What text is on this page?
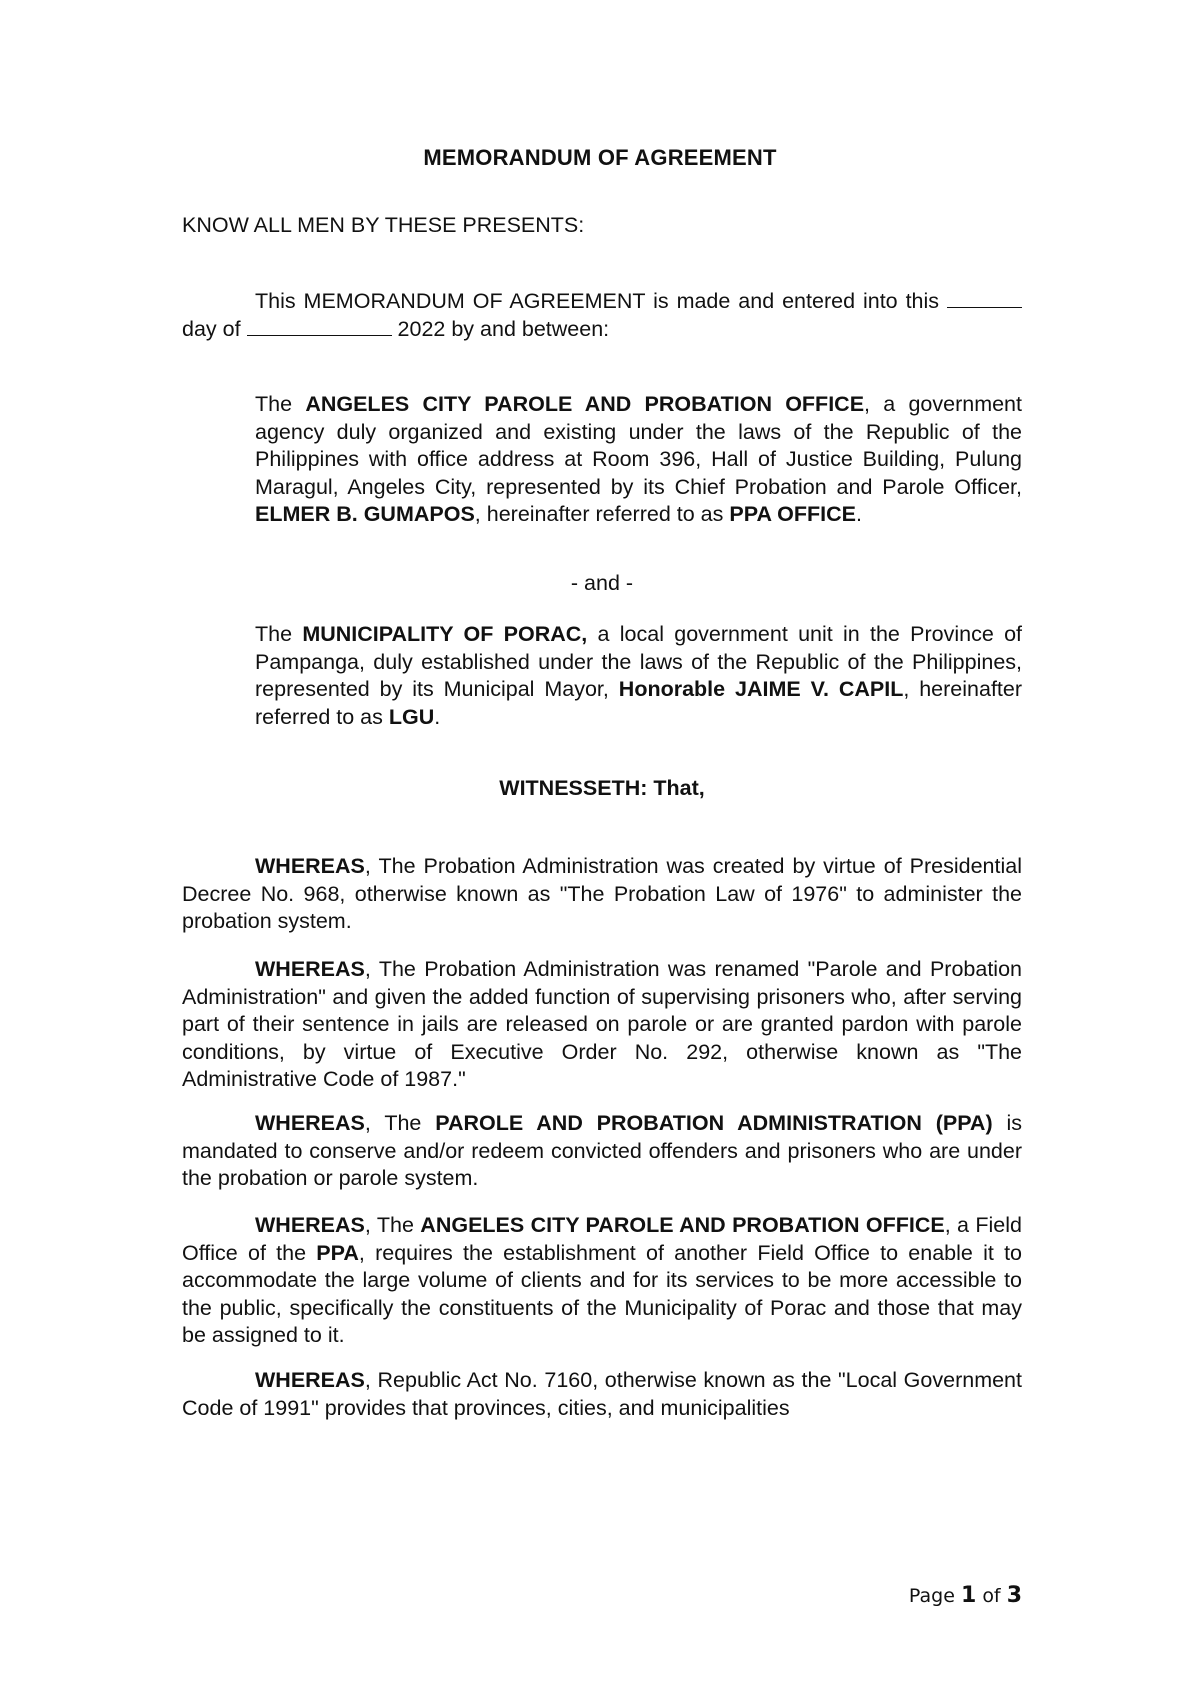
MEMORANDUM OF AGREEMENT
KNOW ALL MEN BY THESE PRESENTS:
This MEMORANDUM OF AGREEMENT is made and entered into this  day of	2022 by and between:
The ANGELES CITY PAROLE AND PROBATION OFFICE, a government agency duly organized and existing under the laws of the Republic of the Philippines with office address at Room 396, Hall of Justice Building, Pulung Maragul, Angeles City, represented by its Chief Probation and Parole Officer, ELMER B. GUMAPOS, hereinafter referred to as PPA OFFICE.
- and -
The MUNICIPALITY OF PORAC, a local government unit in the Province of Pampanga, duly established under the laws of the Republic of the Philippines, represented by its Municipal Mayor, Honorable JAIME V. CAPIL, hereinafter referred to as LGU.
WITNESSETH: That,
WHEREAS, The Probation Administration was created by virtue of Presidential Decree No. 968, otherwise known as "The Probation Law of 1976" to administer the probation system.
WHEREAS, The Probation Administration was renamed "Parole and Probation Administration" and given the added function of supervising prisoners who, after serving part of their sentence in jails are released on parole or are granted pardon with parole conditions, by virtue of Executive Order No. 292, otherwise known as "The Administrative Code of 1987."
WHEREAS, The PAROLE AND PROBATION ADMINISTRATION (PPA) is mandated to conserve and/or redeem convicted offenders and prisoners who are under the probation or parole system.
WHEREAS, The ANGELES CITY PAROLE AND PROBATION OFFICE, a Field Office of the PPA, requires the establishment of another Field Office to enable it to accommodate the large volume of clients and for its services to be more accessible to the public, specifically the constituents of the Municipality of Porac and those that may be assigned to it.
WHEREAS, Republic Act No. 7160, otherwise known as the "Local Government Code of 1991" provides that provinces, cities, and municipalities
Page 1 of 3
